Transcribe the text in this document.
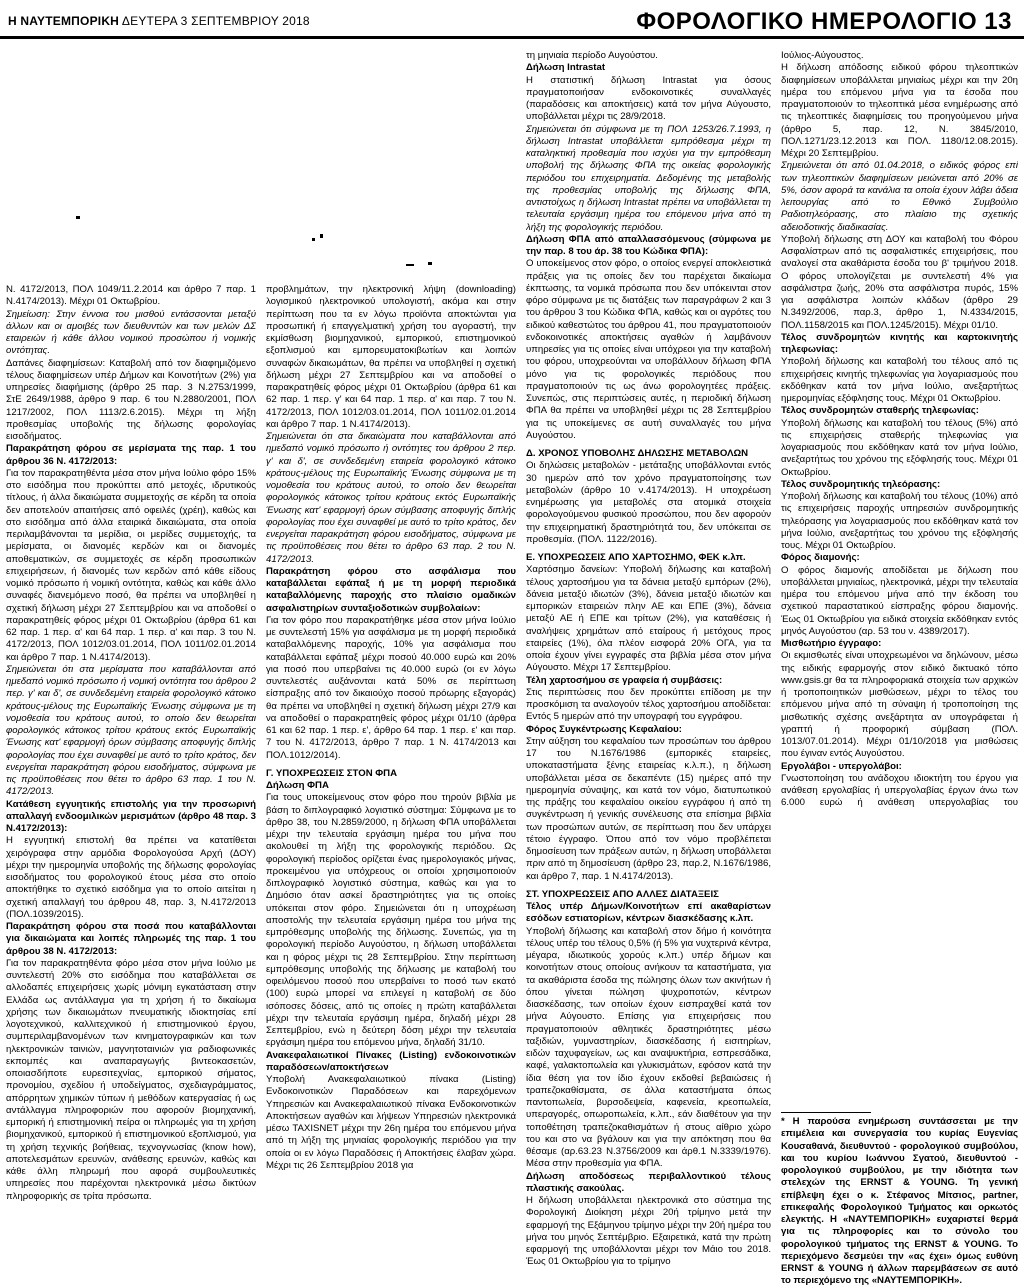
Η ΝΑΥΤΕΜΠΟΡΙΚΗ ΔΕΥΤΕΡΑ 3 ΣΕΠΤΕΜΒΡΙΟΥ 2018	ΦΟΡΟΛΟΓΙΚΟ ΗΜΕΡΟΛΟΓΙΟ 13

Ν. 4172/2013, ΠΟΛ 1049/11.2.2014 και άρθρο 7 παρ. 1 Ν.4174/2013). Μέχρι 01 Οκτωβρίου.

Σημείωση: Στην έννοια του μισθού εντάσσονται μεταξύ άλλων και οι αμοιβές των διευθυντών και των μελών ΔΣ εταιρειών ή κάθε άλλου νομικού προσώπου ή νομικής οντότητας.

Δαπάνες διαφημίσεων: Καταβολή από τον διαφημιζόμενο τέλους διαφημίσεων υπέρ Δήμων και Κοινοτήτων (2%) για υπηρεσίες διαφήμισης (άρθρο 25 παρ. 3 Ν.2753/1999, ΣτΕ 2649/1988, άρθρο 9 παρ. 6 του Ν.2880/2001, ΠΟΛ 1217/2002, ΠΟΛ 1113/2.6.2015). Μέχρι τη λήξη προθεσμίας υποβολής της δήλωσης φορολογίας εισοδήματος.

Παρακράτηση φόρου σε μερίσματα της παρ. 1 του άρθρου 36 Ν. 4172/2013:

Για τον παρακρατηθέντα μέσα στον μήνα Ιούλιο φόρο 15% στο εισόδημα που προκύπτει από μετοχές, ιδρυτικούς τίτλους, ή άλλα δικαιώματα συμμετοχής σε κέρδη τα οποία δεν αποτελούν απαιτήσεις από οφειλές (χρέη), καθώς και στο εισόδημα από άλλα εταιρικά δικαιώματα, στα οποία περιλαμβάνονται τα μερίδια, οι μερίδες συμμετοχής, τα μερίσματα, οι διανομές κερδών και οι διανομές αποθεματικών, σε συμμετοχές σε κέρδη προσωπικών επιχειρήσεων, ή διανομές των κερδών από κάθε είδους νομικό πρόσωπο ή νομική οντότητα, καθώς και κάθε άλλο συναφές διανεμόμενο ποσό, θα πρέπει να υποβληθεί η σχετική δήλωση μέχρι 27 Σεπτεμβρίου και να αποδοθεί ο παρακρατηθείς φόρος μέχρι 01 Οκτωβρίου (άρθρα 61 και 62 παρ. 1 περ. α' και 64 παρ. 1 περ. α' και παρ. 3 του Ν. 4172/2013, ΠΟΛ 1012/03.01.2014, ΠΟΛ 1011/02.01.2014 και άρθρο 7 παρ. 1 Ν.4174/2013).

Σημειώνεται ότι στα μερίσματα που καταβάλλονται από ημεδαπό νομικό πρόσωπο ή νομική οντότητα του άρθρου 2 περ. γ' και δ', σε συνδεδεμένη εταιρεία φορολογικό κάτοικο κράτους-μέλους της Ευρωπαϊκής Ένωσης σύμφωνα με τη νομοθεσία του κράτους αυτού, το οποίο δεν θεωρείται φορολογικός κάτοικος τρίτου κράτους εκτός Ευρωπαϊκής Ένωσης κατ' εφαρμογή όρων σύμβασης αποφυγής διπλής φορολογίας που έχει συναφθεί με αυτό το τρίτο κράτος, δεν ενεργείται παρακράτηση φόρου εισοδήματος, σύμφωνα με τις προϋποθέσεις που θέτει το άρθρο 63 παρ. 1 του Ν. 4172/2013.

Κατάθεση εγγυητικής επιστολής για την προσωρινή απαλλαγή ενδοομιλικών μερισμάτων (άρθρο 48 παρ. 3 Ν.4172/2013):

Η εγγυητική επιστολή θα πρέπει να κατατίθεται χειρόγραφα στην αρμόδια Φορολογούσα Αρχή (ΔΟΥ) μέχρι την ημερομηνία υποβολής της δήλωσης φορολογίας εισοδήματος του φορολογικού έτους μέσα στο οποίο αποκτήθηκε το σχετικό εισόδημα για το οποίο αιτείται η σχετική απαλλαγή του άρθρου 48, παρ. 3, Ν.4172/2013 (ΠΟΛ.1039/2015).

Παρακράτηση φόρου στα ποσά που καταβάλλονται για δικαιώματα και λοιπές πληρωμές της παρ. 1 του άρθρου 38 Ν. 4172/2013:

Για τον παρακρατηθέντα φόρο μέσα στον μήνα Ιούλιο με συντελεστή 20% στο εισόδημα που καταβάλλεται σε αλλοδαπές επιχειρήσεις χωρίς μόνιμη εγκατάσταση στην Ελλάδα ως αντάλλαγμα για τη χρήση ή το δικαίωμα χρήσης των δικαιωμάτων πνευματικής ιδιοκτησίας επί λογοτεχνικού, καλλιτεχνικού ή επιστημονικού έργου, συμπεριλαμβανομένων των κινηματογραφικών και των ηλεκτρονικών ταινιών, μαγνητοταινιών για ραδιοφωνικές εκπομπές και αναπαραγωγής βιντεοκασετών, οποιασδήποτε ευρεσιτεχνίας, εμπορικού σήματος, προνομίου, σχεδίου ή υποδείγματος, σχεδιαγράμματος, απόρρητων χημικών τύπων ή μεθόδων κατεργασίας ή ως αντάλλαγμα πληροφοριών που αφορούν βιομηχανική, εμπορική ή επιστημονική πείρα οι πληρωμές για τη χρήση βιομηχανικού, εμπορικού ή επιστημονικού εξοπλισμού, για τη χρήση τεχνικής βοήθειας, τεχνογνωσίας (know how), αποτελεσμάτων ερευνών, ανάθεσης ερευνών, καθώς και κάθε άλλη πληρωμή που αφορά συμβουλευτικές υπηρεσίες που παρέχονται ηλεκτρονικά μέσω δικτύων πληροφορικής σε τρίτα πρόσωπα.

προβλημάτων, την ηλεκτρονική λήψη (downloading) λογισμικού ηλεκτρονικού υπολογιστή, ακόμα και στην περίπτωση που τα εν λόγω προϊόντα αποκτώνται για προσωπική ή επαγγελματική χρήση του αγοραστή, την εκμίσθωση βιομηχανικού, εμπορικού, επιστημονικού εξοπλισμού και εμπορευματοκιβωτίων και λοιπών συναφών δικαιωμάτων, θα πρέπει να υποβληθεί η σχετική δήλωση μέχρι 27 Σεπτεμβρίου και να αποδοθεί ο παρακρατηθείς φόρος μέχρι 01 Οκτωβρίου (άρθρα 61 και 62 παρ. 1 περ. γ' και 64 παρ. 1 περ. α' και παρ. 7 του Ν. 4172/2013, ΠΟΛ 1012/03.01.2014, ΠΟΛ 1011/02.01.2014 και άρθρο 7 παρ. 1 Ν.4174/2013).

Σημειώνεται ότι στα δικαιώματα που καταβάλλονται από ημεδαπό νομικό πρόσωπο ή οντότητες του άρθρου 2 περ. γ' και δ', σε συνδεδεμένη εταιρεία φορολογικό κάτοικο κράτους-μέλους της Ευρωπαϊκής Ένωσης σύμφωνα με τη νομοθεσία του κράτους αυτού, το οποίο δεν θεωρείται φορολογικός κάτοικος τρίτου κράτους εκτός Ευρωπαϊκής Ένωσης κατ' εφαρμογή όρων σύμβασης αποφυγής διπλής φορολογίας που έχει συναφθεί με αυτό το τρίτο κράτος, δεν ενεργείται παρακράτηση φόρου εισοδήματος, σύμφωνα με τις προϋποθέσεις που θέτει το άρθρο 63 παρ. 2 του Ν. 4172/2013.

Παρακράτηση φόρου στο ασφάλισμα που καταβάλλεται εφάπαξ ή με τη μορφή περιοδικά καταβαλλόμενης παροχής στο πλαίσιο ομαδικών ασφαλιστηρίων συνταξιοδοτικών συμβολαίων:

Για τον φόρο που παρακρατήθηκε μέσα στον μήνα Ιούλιο με συντελεστή 15% για ασφάλισμα με τη μορφή περιοδικά καταβαλλόμενης παροχής, 10% για ασφάλισμα που καταβάλλεται εφάπαξ μέχρι ποσού 40.000 ευρώ και 20% για ποσό που υπερβαίνει τις 40.000 ευρώ (οι εν λόγω συντελεστές αυξάνονται κατά 50% σε περίπτωση είσπραξης από τον δικαιούχο ποσού πρόωρης εξαγοράς) θα πρέπει να υποβληθεί η σχετική δήλωση μέχρι 27/9 και να αποδοθεί ο παρακρατηθείς φόρος μέχρι 01/10 (άρθρα 61 και 62 παρ. 1 περ. ε', άρθρο 64 παρ. 1 περ. ε' και παρ. 7 του Ν. 4172/2013, άρθρο 7 παρ. 1 Ν. 4174/2013 και ΠΟΛ.1012/2014).

Γ. ΥΠΟΧΡΕΩΣΕΙΣ ΣΤΟΝ ΦΠΑ

Δήλωση ΦΠΑ

Για τους υποκείμενους στον φόρο που τηρούν βιβλία με βάση το διπλογραφικό λογιστικό σύστημα: Σύμφωνα με το άρθρο 38, του Ν.2859/2000, η δήλωση ΦΠΑ υποβάλλεται μέχρι την τελευταία εργάσιμη ημέρα του μήνα που ακολουθεί τη λήξη της φορολογικής περιόδου. Ως φορολογική περίοδος ορίζεται ένας ημερολογιακός μήνας, προκειμένου για υπόχρεους οι οποίοι χρησιμοποιούν διπλογραφικό λογιστικό σύστημα, καθώς και για το Δημόσιο όταν ασκεί δραστηριότητες για τις οποίες υπόκειται στον φόρο. Σημειώνεται ότι η υποχρέωση αποστολής την τελευταία εργάσιμη ημέρα του μήνα της εμπρόθεσμης υποβολής της δήλωσης. Συνεπώς, για τη φορολογική περίοδο Αυγούστου, η δήλωση υποβάλλεται και η φόρος μέχρι τις 28 Σεπτεμβρίου. Στην περίπτωση εμπρόθεσμης υποβολής της δήλωσης με καταβολή του οφειλόμενου ποσού που υπερβαίνει το ποσό των εκατό (100) ευρώ μπορεί να επιλεγεί η καταβολή σε δύο ισόποσες δόσεις, από τις οποίες η πρώτη καταβάλλεται μέχρι την τελευταία εργάσιμη ημέρα, δηλαδή μέχρι 28 Σεπτεμβρίου, ενώ η δεύτερη δόση μέχρι την τελευταία εργάσιμη ημέρα του επόμενου μήνα, δηλαδή 31/10.

Ανακεφαλαιωτικοί Πίνακες (Listing) ενδοκοινοτικών παραδόσεων/αποκτήσεων

Υποβολή Ανακεφαλαιωτικού πίνακα (Listing) Ενδοκοινοτικών Παραδόσεων και παρεχόμενων Υπηρεσιών και Ανακεφαλαιωτικού πίνακα Ενδοκοινοτικών Αποκτήσεων αγαθών και λήψεων Υπηρεσιών ηλεκτρονικά μέσω TAXISNET μέχρι την 26η ημέρα του επόμενου μήνα από τη λήξη της μηνιαίας φορολογικής περιόδου για την οποία οι εν λόγω Παραδόσεις ή Αποκτήσεις έλαβαν χώρα. Μέχρι τις 26 Σεπτεμβρίου 2018 για

τη μηνιαία περίοδο Αυγούστου.

Δήλωση Intrastat

Η στατιστική δήλωση Intrastat για όσους πραγματοποιήσαν ενδοκοινοτικές συναλλαγές (παραδόσεις και αποκτήσεις) κατά τον μήνα Αύγουστο, υποβάλλεται μέχρι τις 28/9/2018.

Σημειώνεται ότι σύμφωνα με τη ΠΟΛ 1253/26.7.1993, η δήλωση Intrastat υποβάλλεται εμπρόθεσμα μέχρι τη καταληκτική προθεσμία που ισχύει για την εμπρόθεσμη υποβολή της δήλωσης ΦΠΑ της οικείας φορολογικής περιόδου του επιχειρηματία. Δεδομένης της μεταβολής της προθεσμίας υποβολής της δήλωσης ΦΠΑ, αντιστοίχως η δήλωση Intrastat πρέπει να υποβάλλεται τη τελευταία εργάσιμη ημέρα του επόμενου μήνα από τη λήξη της φορολογικής περιόδου.

Δήλωση ΦΠΑ από απαλλασσόμενους (σύμφωνα με την παρ. 8 του άρ. 38 του Κώδικα ΦΠΑ):

Ο υποκείμενος στον φόρο, ο οποίος ενεργεί αποκλειστικά πράξεις για τις οποίες δεν του παρέχεται δικαίωμα έκπτωσης, τα νομικά πρόσωπα που δεν υπόκεινται στον φόρο σύμφωνα με τις διατάξεις των παραγράφων 2 και 3 του άρθρου 3 του Κώδικα ΦΠΑ, καθώς και οι αγρότες του ειδικού καθεστώτος του άρθρου 41, που πραγματοποιούν ενδοκοινοτικές αποκτήσεις αγαθών ή λαμβάνουν υπηρεσίες για τις οποίες είναι υπόχρεοι για την καταβολή του φόρου, υποχρεούνται να υποβάλλουν δήλωση ΦΠΑ μόνο για τις φορολογικές περιόδους που πραγματοποιούν τις ως άνω φορολογητέες πράξεις. Συνεπώς, στις περιπτώσεις αυτές, η περιοδική δήλωση ΦΠΑ θα πρέπει να υποβληθεί μέχρι τις 28 Σεπτεμβρίου για τις υποκείμενες σε αυτή συναλλαγές του μήνα Αυγούστου.

Δ. ΧΡΟΝΟΣ ΥΠΟΒΟΛΗΣ ΔΗΛΩΣΗΣ ΜΕΤΑΒΟΛΩΝ

Οι δηλώσεις μεταβολών - μετάταξης υποβάλλονται εντός 30 ημερών από τον χρόνο πραγματοποίησης των μεταβολών (άρθρο 10 ν.4174/2013). Η υποχρέωση ενημέρωσης για μεταβολές στα ατομικά στοιχεία φορολογούμενου φυσικού προσώπου, που δεν αφορούν την επιχειρηματική δραστηριότητά του, δεν υπόκειται σε προθεσμία. (ΠΟΛ. 1122/2016).

Ε. ΥΠΟΧΡΕΩΣΕΙΣ ΑΠΟ ΧΑΡΤΟΣΗΜΟ, ΦΕΚ κ.λπ.

Χαρτόσημο δανείων: Υποβολή δήλωσης και καταβολή τέλους χαρτοσήμου για τα δάνεια μεταξύ εμπόρων (2%), δάνεια μεταξύ ιδιωτών (3%), δάνεια μεταξύ ιδιωτών και εμπορικών εταιρειών πλην ΑΕ και ΕΠΕ (3%), δάνεια μεταξύ ΑΕ ή ΕΠΕ και τρίτων (2%), για καταθέσεις ή αναλήψεις χρημάτων από εταίρους ή μετόχους προς εταιρείες (1%), όλα πλέον εισφορά 20% ΟΓΑ, για τα οποία έχουν γίνει εγγραφές στα βιβλία μέσα στον μήνα Αύγουστο. Μέχρι 17 Σεπτεμβρίου.

Τέλη χαρτοσήμου σε γραφεία ή συμβάσεις:

Στις περιπτώσεις που δεν προκύπτει επίδοση με την προσκόμιση τα αναλογούν τέλος χαρτοσήμου αποδίδεται: Εντός 5 ημερών από την υπογραφή του εγγράφου.

Φόρος Συγκέντρωσης Κεφαλαίου:

Στην αύξηση του κεφαλαίου των προσώπων του άρθρου 17 του Ν.1676/1986 (εμπορικές εταιρείες, υποκαταστήματα ξένης εταιρείας κ.λ.π.), η δήλωση υποβάλλεται μέσα σε δεκαπέντε (15) ημέρες από την ημερομηνία σύναψης, και κατά τον νόμο, διατυπωτικού της πράξης του κεφαλαίου οικείου εγγράφου ή από τη συγκέντρωση ή γενικής συνέλευσης στα επίσημα βιβλία των προσώπων αυτών, σε περίπτωση που δεν υπάρχει τέτοιο έγγραφο. Όπου από τον νόμο προβλέπεται δημοσίευση των πράξεων αυτών, η δήλωση υποβάλλεται πριν από τη δημοσίευση (άρθρο 23, παρ.2, Ν.1676/1986, και άρθρο 7, παρ. 1 Ν.4174/2013).

ΣΤ. ΥΠΟΧΡΕΩΣΕΙΣ ΑΠΟ ΑΛΛΕΣ ΔΙΑΤΑΞΕΙΣ

Τέλος υπέρ Δήμων/Κοινοτήτων επί ακαθαρίστων εσόδων εστιατορίων, κέντρων διασκέδασης κ.λπ.

Υποβολή δήλωσης και καταβολή στον δήμο ή κοινότητα τέλους υπέρ του τέλους 0,5% (ή 5% για νυχτερινά κέντρα, μέγαρα, ιδιωτικούς χορούς κ.λπ.) υπέρ δήμων και κοινοτήτων στους οποίους ανήκουν τα καταστήματα, για τα ακαθάριστα έσοδα της πώλησης όλων των ακινήτων ή όπου γίνεται πώληση ψυχροποτών, κέντρων διασκέδασης, των οποίων έχουν εισπραχθεί κατά τον μήνα Αύγουστο. Επίσης για επιχειρήσεις που πραγματοποιούν αθλητικές δραστηριότητες μέσω ταξιδιών, γυμναστηρίων, διασκέδασης ή εισιτηρίων, ειδών ταχυφαγείων, ως και αναψυκτήρια, εσπρεσάδικα, καφέ, γαλακτοπωλεία και γλυκισμάτων, εφόσον κατά την ίδια θέση για τον ίδιο έχουν εκδοθεί βεβαιώσεις ή τραπεζοκαθίσματα, σε άλλα καταστήματα όπως παντοπωλεία, βυρσοδεψεία, καφενεία, κρεοπωλεία, υπεραγορές, οπωροπωλεία, κ.λπ., εάν διαθέτουν για την τοποθέτηση τραπεζοκαθισμάτων ή στους αίθριο χώρο του και στο να βγάλουν και για την απόκτηση που θα θέσαμε (αρ.63.23 Ν.3756/2009 και άρθ.1 Ν.3339/1976). Μέσα στην προθεσμία για ΦΠΑ.

Δήλωση αποδόσεως περιβαλλοντικού τέλους πλαστικής σακούλας.

Η δήλωση υποβάλλεται ηλεκτρονικά στο σύστημα της Φορολογική Διοίκηση μέχρι 20ή τρίμηνο μετά την εφαρμογή της Εξάμηνου τρίμηνο μέχρι την 20ή ημέρα του μήνα του μηνός Σεπτέμβριο. Εξαιρετικά, κατά την πρώτη εφαρμογή της υποβάλλονται μέχρι τον Μάιο του 2018. Έως 01 Οκτωβρίου για το τρίμηνο

Ιούλιος-Αύγουστος.

Η δήλωση απόδοσης ειδικού φόρου τηλεοπτικών διαφημίσεων υποβάλλεται μηνιαίως μέχρι και την 20η ημέρα του επόμενου μήνα για τα έσοδα που πραγματοποιούν το τηλεοπτικά μέσα ενημέρωσης από τις τηλεοπτικές διαφημίσεις του προηγούμενου μήνα (άρθρο 5, παρ. 12, Ν. 3845/2010, ΠΟΛ.1271/23.12.2013 και ΠΟΛ. 1180/12.08.2015). Μέχρι 20 Σεπτεμβρίου.

Σημειώνεται ότι από 01.04.2018, ο ειδικός φόρος επί των τηλεοπτικών διαφημίσεων μειώνεται από 20% σε 5%, όσον αφορά τα κανάλια τα οποία έχουν λάβει άδεια λειτουργίας από το Εθνικό Συμβούλιο Ραδιοτηλεόρασης, στο πλαίσιο της σχετικής αδειοδοτικής διαδικασίας.

Υποβολή δήλωσης στη ΔΟΥ και καταβολή του Φόρου Ασφαλίστρων από τις ασφαλιστικές επιχειρήσεις, που αναλογεί στα ακαθάριστα έσοδα του β' τριμήνου 2018. Ο φόρος υπολογίζεται με συντελεστή 4% για ασφάλιστρα ζωής, 20% στα ασφάλιστρα πυρός, 15% για ασφάλιστρα λοιπών κλάδων (άρθρο 29 Ν.3492/2006, παρ.3, άρθρο 1, Ν.4334/2015, ΠΟΛ.1158/2015 και ΠΟΛ.1245/2015). Μέχρι 01/10.

Τέλος συνδρομητών κινητής και καρτοκινητής τηλεφωνίας:

Υποβολή δήλωσης και καταβολή του τέλους από τις επιχειρήσεις κινητής τηλεφωνίας για λογαριασμούς που εκδόθηκαν κατά τον μήνα Ιούλιο, ανεξαρτήτως ημερομηνίας εξόφλησης τους. Μέχρι 01 Οκτωβρίου.

Τέλος συνδρομητών σταθερής τηλεφωνίας:

Υποβολή δήλωσης και καταβολή του τέλους (5%) από τις επιχειρήσεις σταθερής τηλεφωνίας για λογαριασμούς που εκδόθηκαν κατά τον μήνα Ιούλιο, ανεξαρτήτως του χρόνου της εξόφλησής τους. Μέχρι 01 Οκτωβρίου.

Τέλος συνδρομητικής τηλεόρασης:

Υποβολή δήλωσης και καταβολή του τέλους (10%) από τις επιχειρήσεις παροχής υπηρεσιών συνδρομητικής τηλεόρασης για λογαριασμούς που εκδόθηκαν κατά τον μήνα Ιούλιο, ανεξαρτήτως του χρόνου της εξόφλησής τους. Μέχρι 01 Οκτωβρίου.

Φόρος διαμονής:

Ο φόρος διαμονής αποδίδεται με δήλωση που υποβάλλεται μηνιαίως, ηλεκτρονικά, μέχρι την τελευταία ημέρα του επόμενου μήνα από την έκδοση του σχετικού παραστατικού είσπραξης φόρου διαμονής. Έως 01 Οκτωβρίου για ειδικά στοιχεία εκδόθηκαν εντός μηνός Αυγούστου (αρ. 53 του ν. 4389/2017).

Μισθωτήριο έγγραφο:

Οι εκμισθωτές είναι υποχρεωμένοι να δηλώνουν, μέσω της ειδικής εφαρμογής στον ειδικό δικτυακό τόπο www.gsis.gr θα τα πληροφοριακά στοιχεία των αρχικών ή τροποποιητικών μισθώσεων, μέχρι το τέλος του επόμενου μήνα από τη σύναψη ή τροποποίηση της μισθωτικής σχέσης ανεξάρτητα αν υπογράφεται ή γραπτή ή προφορική σύμβαση (ΠΟΛ. 1013/07.01.2014). Μέχρι 01/10/2018 για μισθώσεις που έγιναν εντός Αυγούστου.

Εργολάβοι - υπεργολάβοι:

Γνωστοποίηση του ανάδοχου ιδιοκτήτη του έργου για ανάθεση εργολαβίας ή υπεργολαβίας έργων άνω των 6.000 ευρώ ή ανάθεση υπεργολαβίας του

* Η παρούσα ενημέρωση συντάσσεται με την επιμέλεια και συνεργασία του κυρίας Ευγενίας Κουσαθανά, διευθυντού - φορολογικού συμβούλου, και του κυρίου Ιωάννου Σγατού, διευθυντού - φορολογικού συμβούλου, με την ιδιότητα των στελεχών της ERNST & YOUNG. Τη γενική επίβλεψη έχει ο κ. Στέφανος Μίτσιος, partner, επικεφαλής Φορολογικού Τμήματος και ορκωτός ελεγκτής. Η «ΝΑΥΤΕΜΠΟΡΙΚΗ» ευχαριστεί θερμά για τις πληροφορίες και το σύνολο του φορολογικού τμήματος της ERNST & YOUNG. Το περιεχόμενο δεσμεύει την «ας έχει» όμως ευθύνη ERNST & YOUNG ή άλλων παρεμβάσεων σε αυτό το περιεχόμενο της «ΝΑΥΤΕΜΠΟΡΙΚΗ».
